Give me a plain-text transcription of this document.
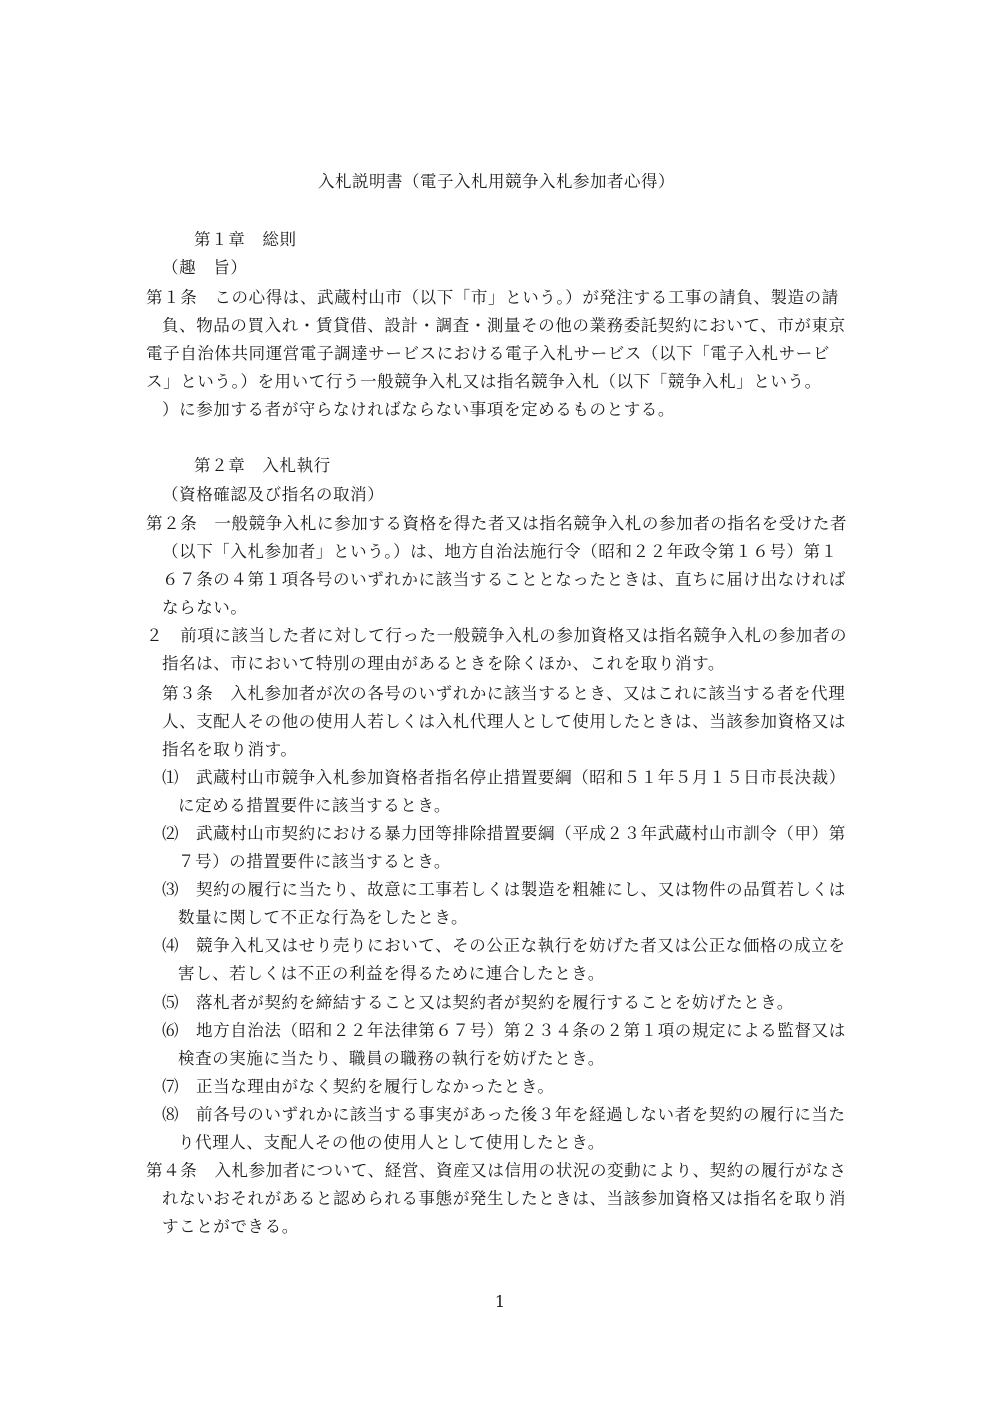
入札説明書（電子入札用競争入札参加者心得）
第１章　総則
（趣　旨）
第１条　この心得は、武蔵村山市（以下「市」という。）が発注する工事の請負、製造の請
負、物品の買入れ・賃貸借、設計・調査・測量その他の業務委託契約において、市が東京
電子自治体共同運営電子調達サービスにおける電子入札サービス（以下「電子入札サービ
ス」という。）を用いて行う一般競争入札又は指名競争入札（以下「競争入札」という。
）に参加する者が守らなければならない事項を定めるものとする。
第２章　入札執行
（資格確認及び指名の取消）
第２条　一般競争入札に参加する資格を得た者又は指名競争入札の参加者の指名を受けた者
（以下「入札参加者」という。）は、地方自治法施行令（昭和２２年政令第１６号）第１
６７条の４第１項各号のいずれかに該当することとなったときは、直ちに届け出なければ
ならない。
２　前項に該当した者に対して行った一般競争入札の参加資格又は指名競争入札の参加者の
指名は、市において特別の理由があるときを除くほか、これを取り消す。
第３条　入札参加者が次の各号のいずれかに該当するとき、又はこれに該当する者を代理
人、支配人その他の使用人若しくは入札代理人として使用したときは、当該参加資格又は
指名を取り消す。
⑴ 武蔵村山市競争入札参加資格者指名停止措置要綱（昭和５１年５月１５日市長決裁）
に定める措置要件に該当するとき。
⑵ 武蔵村山市契約における暴力団等排除措置要綱（平成２３年武蔵村山市訓令（甲）第
７号）の措置要件に該当するとき。
⑶ 契約の履行に当たり、故意に工事若しくは製造を粗雑にし、又は物件の品質若しくは
数量に関して不正な行為をしたとき。
⑷ 競争入札又はせり売りにおいて、その公正な執行を妨げた者又は公正な価格の成立を
害し、若しくは不正の利益を得るために連合したとき。
⑸ 落札者が契約を締結すること又は契約者が契約を履行することを妨げたとき。
⑹ 地方自治法（昭和２２年法律第６７号）第２３４条の２第１項の規定による監督又は
検査の実施に当たり、職員の職務の執行を妨げたとき。
⑺ 正当な理由がなく契約を履行しなかったとき。
⑻ 前各号のいずれかに該当する事実があった後３年を経過しない者を契約の履行に当た
り代理人、支配人その他の使用人として使用したとき。
第４条　入札参加者について、経営、資産又は信用の状況の変動により、契約の履行がなさ
れないおそれがあると認められる事態が発生したときは、当該参加資格又は指名を取り消
すことができる。
1
